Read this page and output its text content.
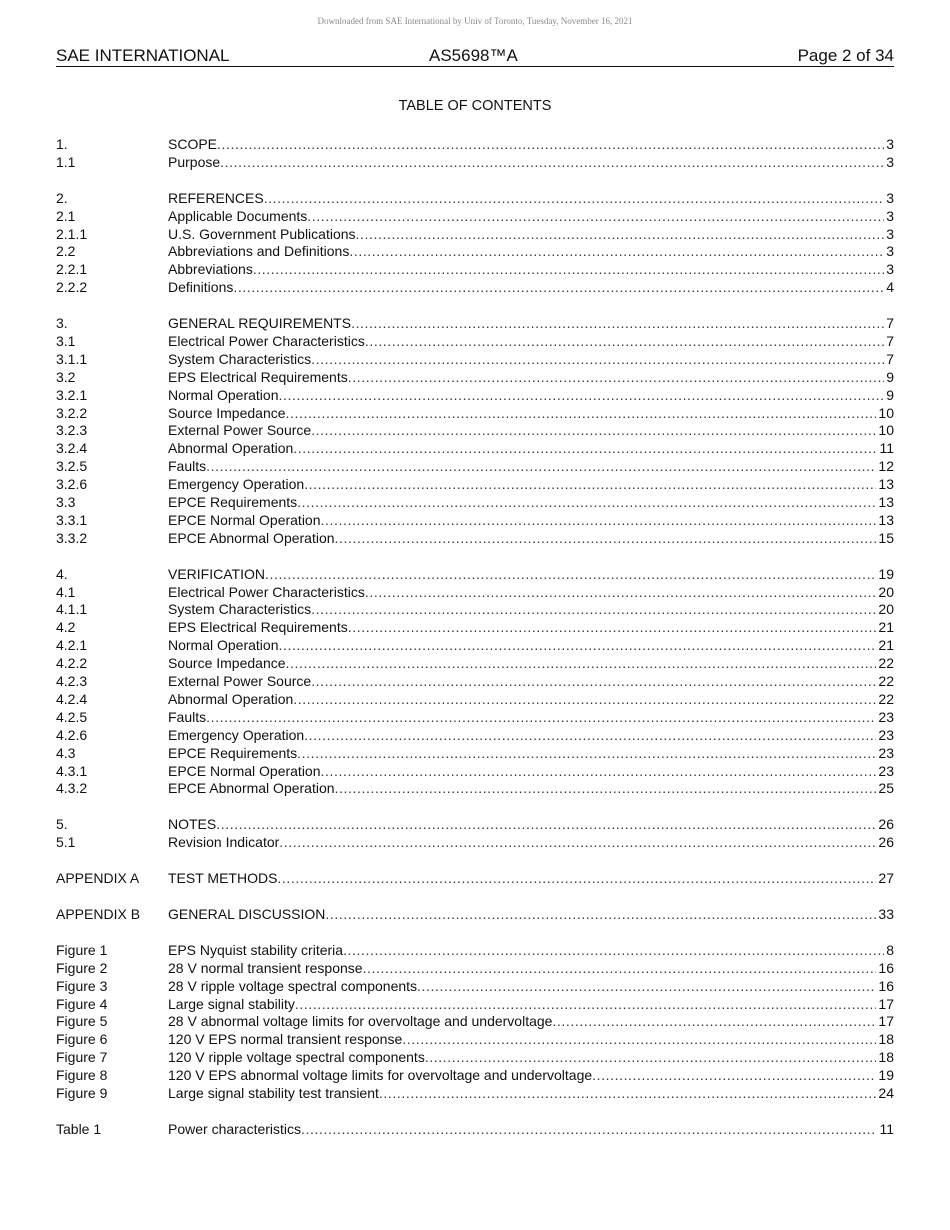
Downloaded from SAE International by Univ of Toronto, Tuesday, November 16, 2021
SAE INTERNATIONAL	AS5698™A	Page 2 of 34
TABLE OF CONTENTS
1.	SCOPE .....	3
1.1	Purpose .....	3
2.	REFERENCES .....	3
2.1	Applicable Documents .....	3
2.1.1	U.S. Government Publications .....	3
2.2	Abbreviations and Definitions .....	3
2.2.1	Abbreviations .....	3
2.2.2	Definitions .....	4
3.	GENERAL REQUIREMENTS .....	7
3.1	Electrical Power Characteristics .....	7
3.1.1	System Characteristics .....	7
3.2	EPS Electrical Requirements .....	9
3.2.1	Normal Operation .....	9
3.2.2	Source Impedance .....	10
3.2.3	External Power Source .....	10
3.2.4	Abnormal Operation .....	11
3.2.5	Faults .....	12
3.2.6	Emergency Operation .....	13
3.3	EPCE Requirements .....	13
3.3.1	EPCE Normal Operation .....	13
3.3.2	EPCE Abnormal Operation .....	15
4.	VERIFICATION .....	19
4.1	Electrical Power Characteristics .....	20
4.1.1	System Characteristics .....	20
4.2	EPS Electrical Requirements .....	21
4.2.1	Normal Operation .....	21
4.2.2	Source Impedance .....	22
4.2.3	External Power Source .....	22
4.2.4	Abnormal Operation .....	22
4.2.5	Faults .....	23
4.2.6	Emergency Operation .....	23
4.3	EPCE Requirements .....	23
4.3.1	EPCE Normal Operation .....	23
4.3.2	EPCE Abnormal Operation .....	25
5.	NOTES .....	26
5.1	Revision Indicator .....	26
APPENDIX A	TEST METHODS .....	27
APPENDIX B	GENERAL DISCUSSION .....	33
Figure 1	EPS Nyquist stability criteria .....	8
Figure 2	28 V normal transient response .....	16
Figure 3	28 V ripple voltage spectral components .....	16
Figure 4	Large signal stability .....	17
Figure 5	28 V abnormal voltage limits for overvoltage and undervoltage .....	17
Figure 6	120 V EPS normal transient response .....	18
Figure 7	120 V ripple voltage spectral components .....	18
Figure 8	120 V EPS abnormal voltage limits for overvoltage and undervoltage .....	19
Figure 9	Large signal stability test transient .....	24
Table 1	Power characteristics .....	11
